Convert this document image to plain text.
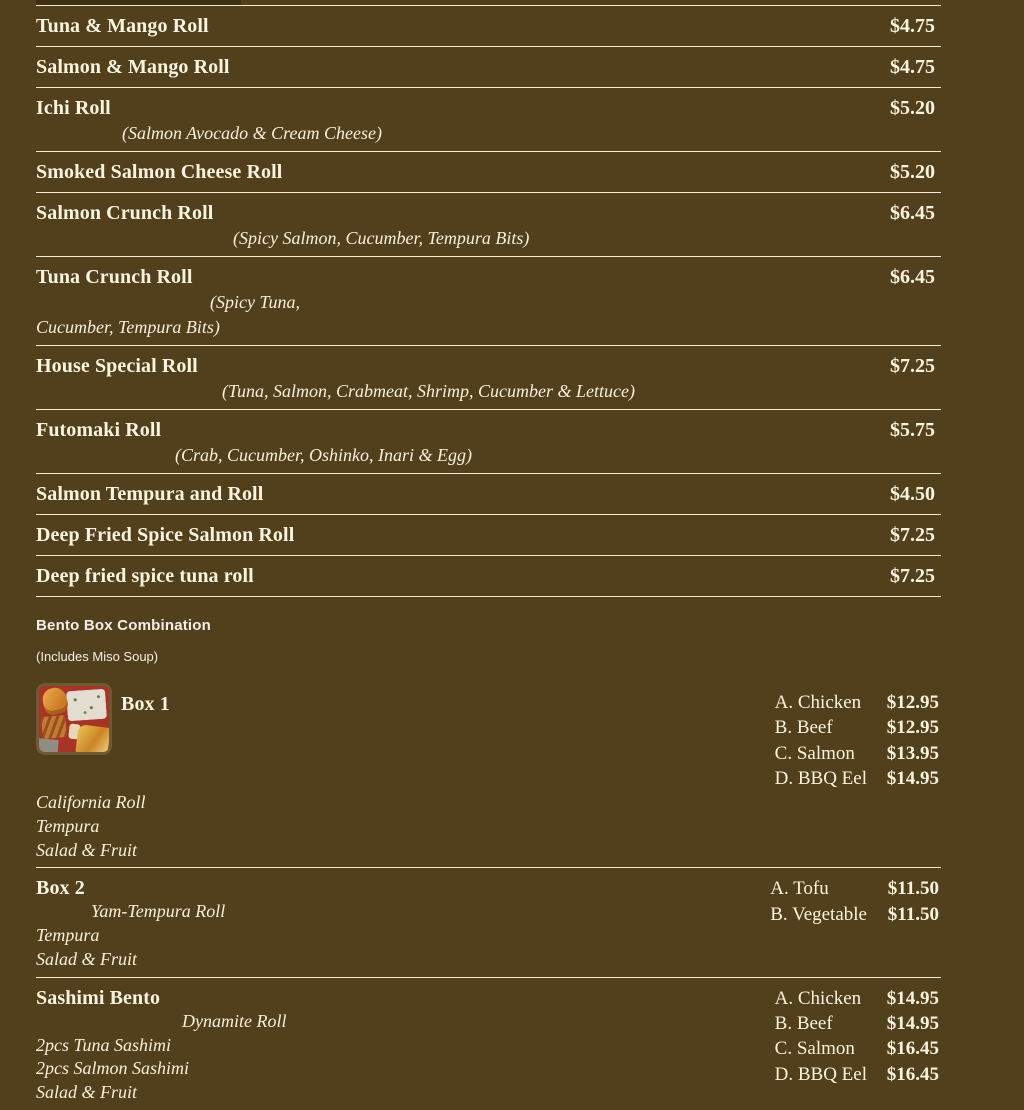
Tuna & Mango Roll	$4.75
Salmon & Mango Roll	$4.75
Ichi Roll	$5.20
(Salmon Avocado & Cream Cheese)
Smoked Salmon Cheese Roll	$5.20
Salmon Crunch Roll	$6.45
(Spicy Salmon, Cucumber, Tempura Bits)
Tuna Crunch Roll	$6.45
(Spicy Tuna,
Cucumber, Tempura Bits)
House Special Roll	$7.25
(Tuna, Salmon, Crabmeat, Shrimp, Cucumber & Lettuce)
Futomaki Roll	$5.75
(Crab, Cucumber, Oshinko, Inari & Egg)
Salmon Tempura and Roll	$4.50
Deep Fried Spice Salmon Roll	$7.25
Deep fried spice tuna roll	$7.25
Bento Box Combination
(Includes Miso Soup)
Box 1	A. Chicken	$12.95
B. Beef	$12.95
C. Salmon	$13.95
D. BBQ Eel	$14.95
California Roll
Tempura
Salad & Fruit
Box 2	A. Tofu	$11.50
B. Vegetable	$11.50
Yam-Tempura Roll
Tempura
Salad & Fruit
Sashimi Bento	A. Chicken	$14.95
B. Beef	$14.95
C. Salmon	$16.45
D. BBQ Eel	$16.45
Dynamite Roll
2pcs Tuna Sashimi
2pcs Salmon Sashimi
Salad & Fruit
